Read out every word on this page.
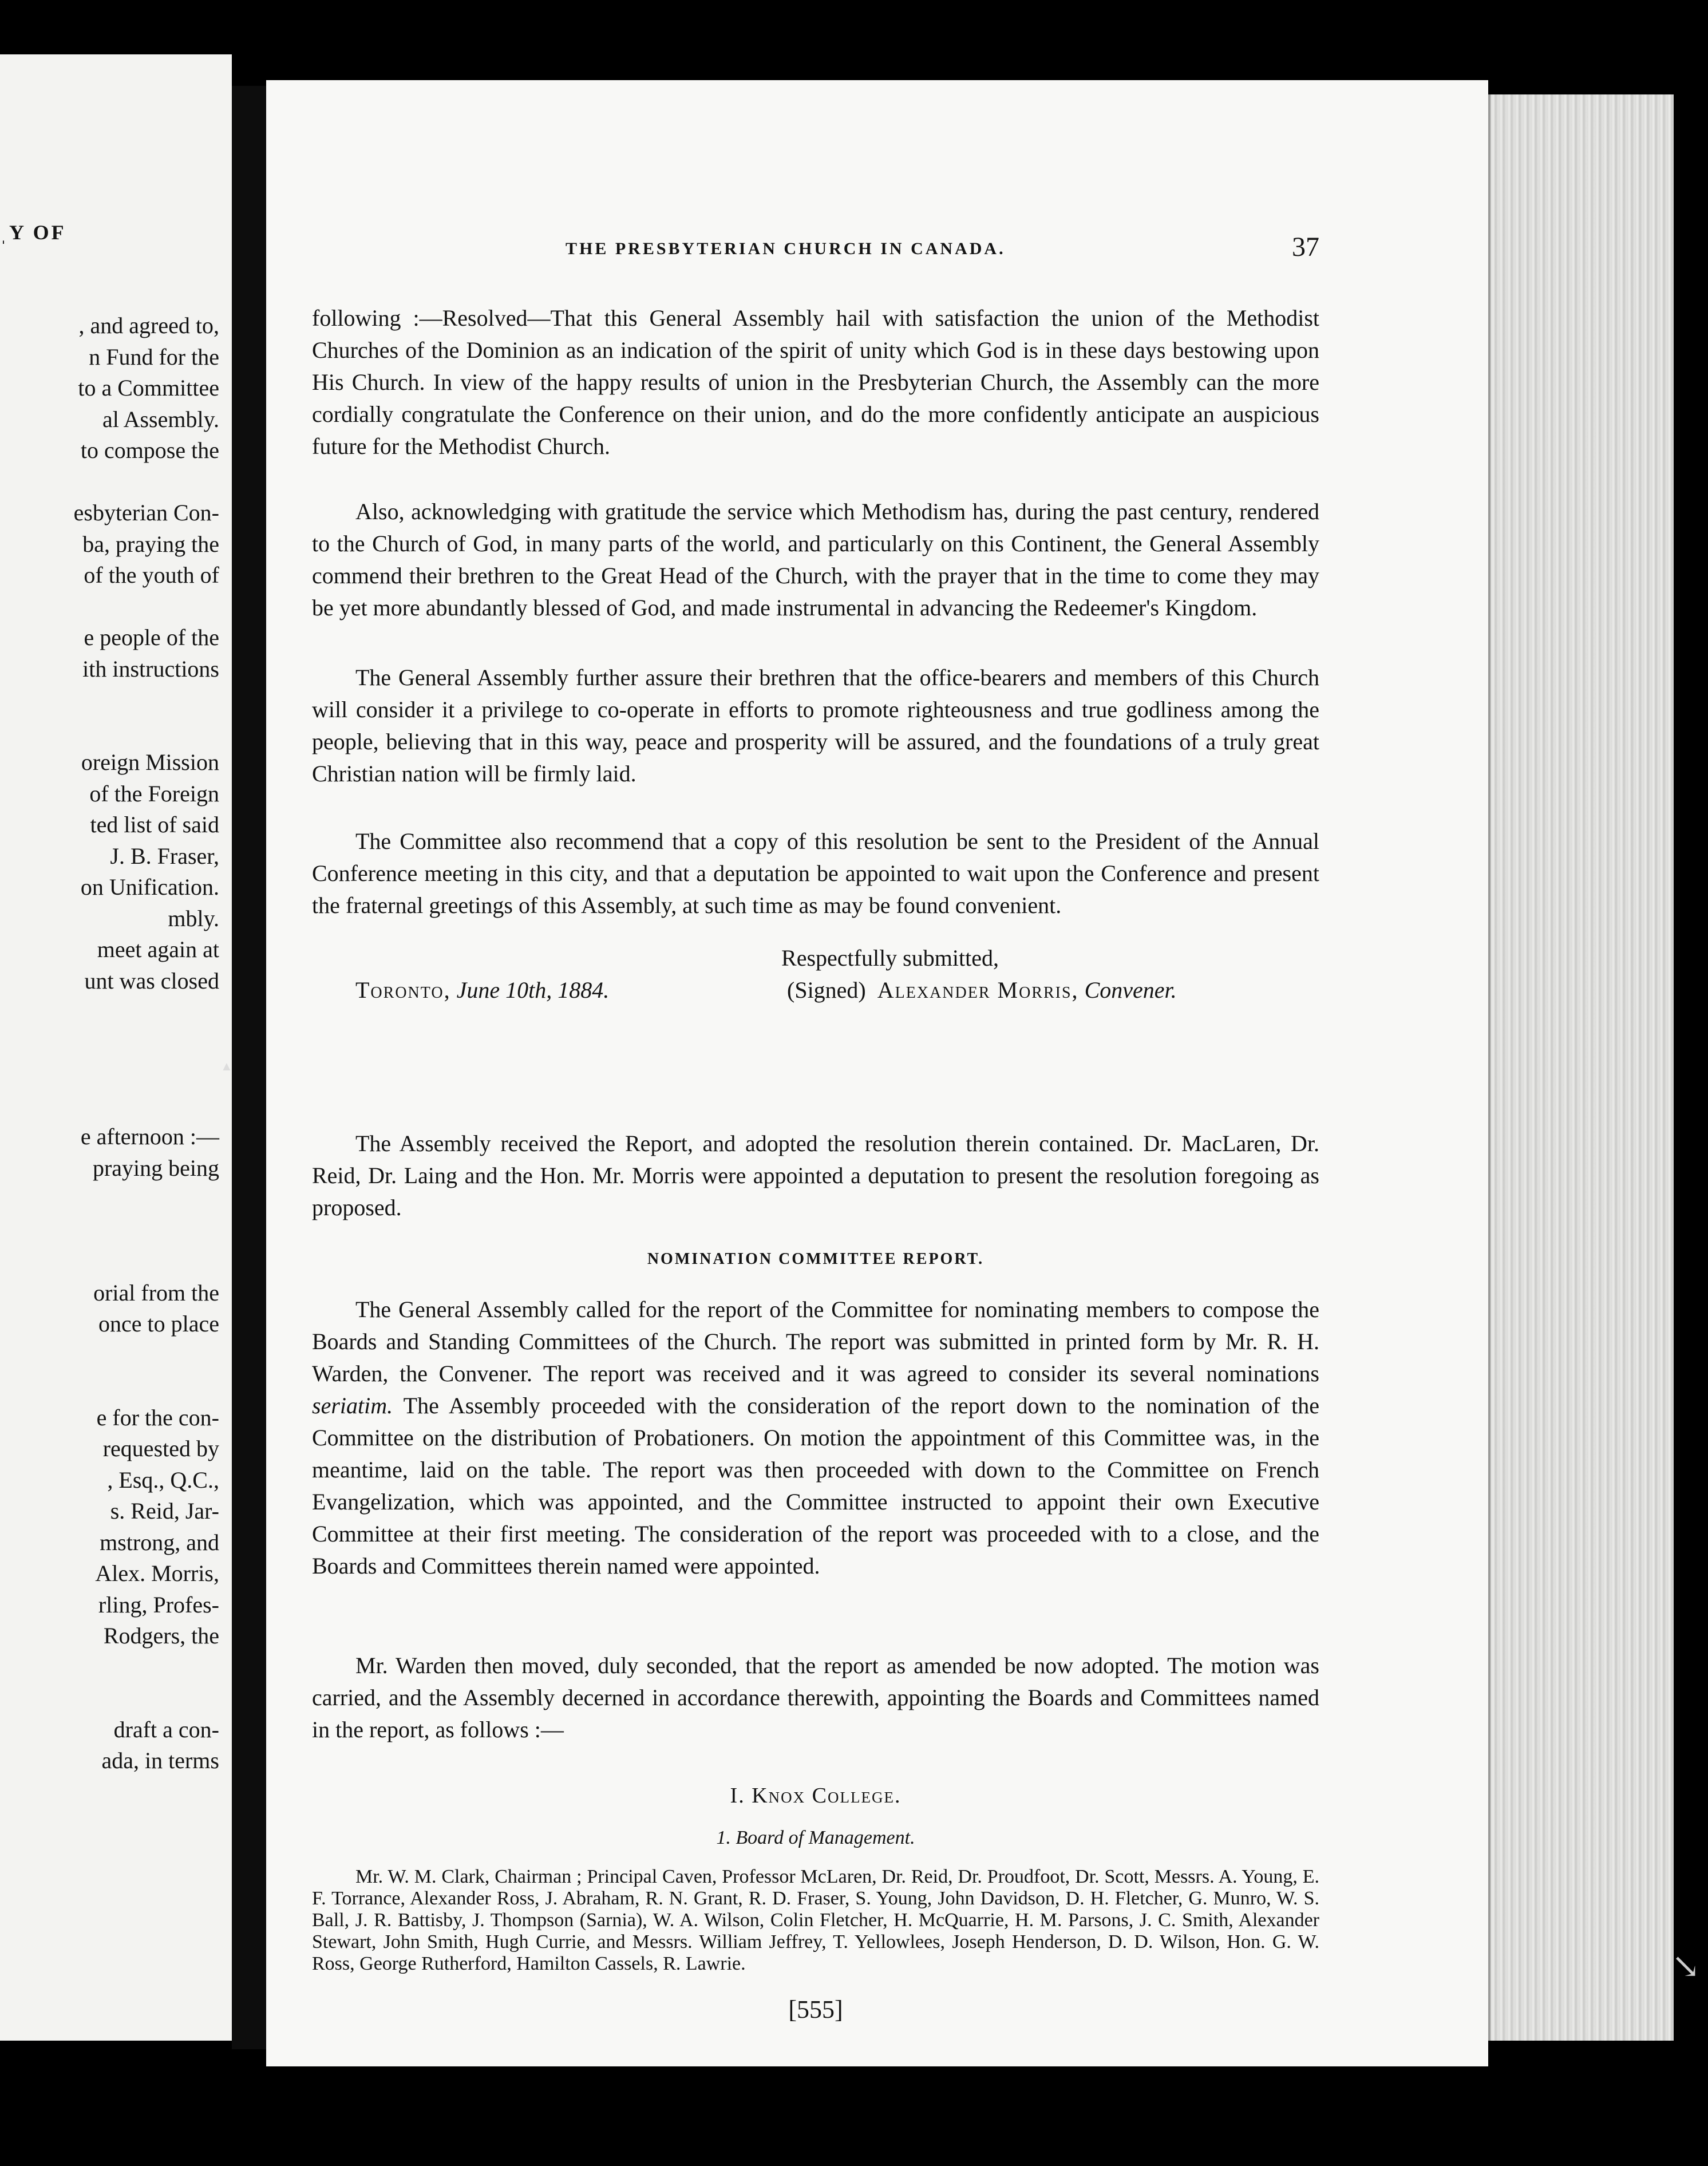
ˌY OF
, and agreed to,
n Fund for the
to a Committee
al Assembly.
to compose the
esbyterian Con-
ba, praying the
of the youth of
e people of the
ith instructions
oreign Mission
of the Foreign
ted list of said
J. B. Fraser,
on Unification.
mbly.
meet again at
unt was closed
e afternoon :—
praying being
orial from the
once to place
e for the con-
requested by
, Esq., Q.C.,
s. Reid, Jar-
mstrong, and
Alex. Morris,
rling, Profes-
Rodgers, the
draft a con-
ada, in terms
▲
THE PRESBYTERIAN CHURCH IN CANADA.	37

following :—Resolved—That this General Assembly hail with satisfaction the union of the Methodist Churches of the Dominion as an indication of the spirit of unity which God is in these days bestowing upon His Church. In view of the happy results of union in the Presbyterian Church, the Assembly can the more cordially congratulate the Conference on their union, and do the more confidently anticipate an auspicious future for the Methodist Church.

Also, acknowledging with gratitude the service which Methodism has, during the past century, rendered to the Church of God, in many parts of the world, and particularly on this Continent, the General Assembly commend their brethren to the Great Head of the Church, with the prayer that in the time to come they may be yet more abundantly blessed of God, and made instrumental in advancing the Redeemer's Kingdom.

The General Assembly further assure their brethren that the office-bearers and members of this Church will consider it a privilege to co-operate in efforts to promote righteousness and true godliness among the people, believing that in this way, peace and prosperity will be assured, and the foundations of a truly great Christian nation will be firmly laid.

The Committee also recommend that a copy of this resolution be sent to the President of the Annual Conference meeting in this city, and that a deputation be appointed to wait upon the Conference and present the fraternal greetings of this Assembly, at such time as may be found convenient.

Respectfully submitted,
Toronto, June 10th, 1884.	(Signed) Alexander Morris, Convener.

The Assembly received the Report, and adopted the resolution therein contained. Dr. MacLaren, Dr. Reid, Dr. Laing and the Hon. Mr. Morris were appointed a deputation to present the resolution foregoing as proposed.

NOMINATION COMMITTEE REPORT.

The General Assembly called for the report of the Committee for nominating members to compose the Boards and Standing Committees of the Church. The report was submitted in printed form by Mr. R. H. Warden, the Convener. The report was received and it was agreed to consider its several nominations seriatim. The Assembly proceeded with the consideration of the report down to the nomination of the Committee on the distribution of Probationers. On motion the appointment of this Committee was, in the meantime, laid on the table. The report was then proceeded with down to the Committee on French Evangelization, which was appointed, and the Committee instructed to appoint their own Executive Committee at their first meeting. The consideration of the report was proceeded with to a close, and the Boards and Committees therein named were appointed.

Mr. Warden then moved, duly seconded, that the report as amended be now adopted. The motion was carried, and the Assembly decerned in accordance therewith, appointing the Boards and Committees named in the report, as follows :—

I. Knox College.
1. Board of Management.

Mr. W. M. Clark, Chairman ; Principal Caven, Professor McLaren, Dr. Reid, Dr. Proudfoot, Dr. Scott, Messrs. A. Young, E. F. Torrance, Alexander Ross, J. Abraham, R. N. Grant, R. D. Fraser, S. Young, John Davidson, D. H. Fletcher, G. Munro, W. S. Ball, J. R. Battisby, J. Thompson (Sarnia), W. A. Wilson, Colin Fletcher, H. McQuarrie, H. M. Parsons, J. C. Smith, Alexander Stewart, John Smith, Hugh Currie, and Messrs. William Jeffrey, T. Yellowlees, Joseph Henderson, D. D. Wilson, Hon. G. W. Ross, George Rutherford, Hamilton Cassels, R. Lawrie.

[555]
↘
